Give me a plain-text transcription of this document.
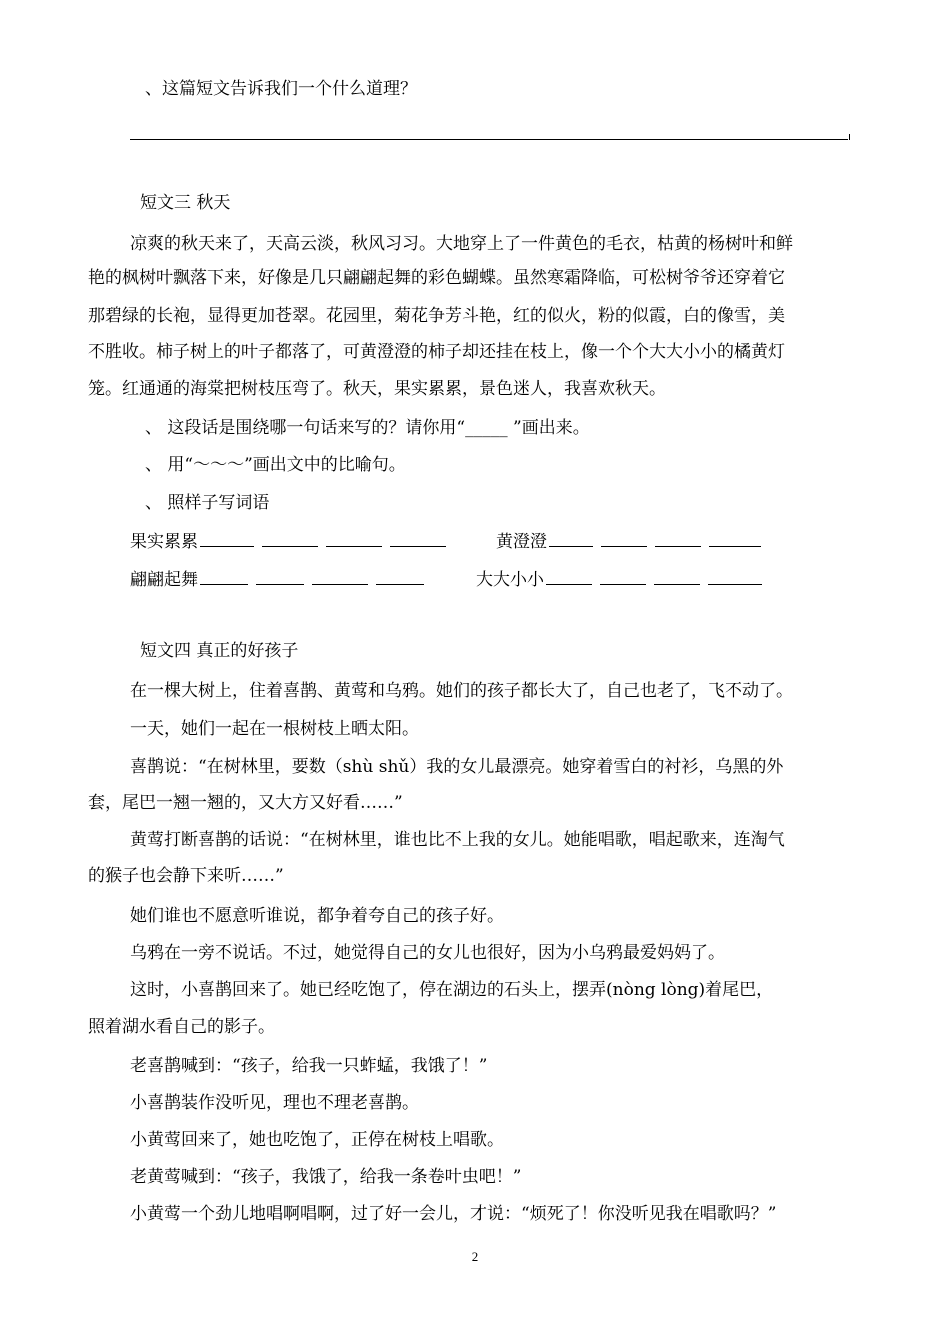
、这篇短文告诉我们一个什么道理？
短文三 秋天
凉爽的秋天来了，天高云淡，秋风习习。大地穿上了一件黄色的毛衣，枯黄的杨树叶和鲜
艳的枫树叶飘落下来，好像是几只翩翩起舞的彩色蝴蝶。虽然寒霜降临，可松树爷爷还穿着它
那碧绿的长袍，显得更加苍翠。花园里，菊花争芳斗艳，红的似火，粉的似霞，白的像雪，美
不胜收。柿子树上的叶子都落了，可黄澄澄的柿子却还挂在枝上，像一个个大大小小的橘黄灯
笼。红通通的海棠把树枝压弯了。秋天，果实累累，景色迷人，我喜欢秋天。
、 这段话是围绕哪一句话来写的？请你用“_____ ”画出来。
、 用“～～～”画出文中的比喻句。
、 照样子写词语
果实累累	黄澄澄
翩翩起舞	大大小小
短文四 真正的好孩子
在一棵大树上，住着喜鹊、黄莺和乌鸦。她们的孩子都长大了，自己也老了，飞不动了。
一天，她们一起在一根树枝上晒太阳。
喜鹊说：“在树林里，要数（shù shǔ）我的女儿最漂亮。她穿着雪白的衬衫，乌黑的外
套，尾巴一翘一翘的，又大方又好看……”
黄莺打断喜鹊的话说：“在树林里，谁也比不上我的女儿。她能唱歌，唱起歌来，连淘气
的猴子也会静下来听……”
她们谁也不愿意听谁说，都争着夸自己的孩子好。
乌鸦在一旁不说话。不过，她觉得自己的女儿也很好，因为小乌鸦最爱妈妈了。
这时，小喜鹊回来了。她已经吃饱了，停在湖边的石头上，摆弄(nòng lòng)着尾巴，
照着湖水看自己的影子。
老喜鹊喊到：“孩子，给我一只蚱蜢，我饿了！”
小喜鹊装作没听见，理也不理老喜鹊。
小黄莺回来了，她也吃饱了，正停在树枝上唱歌。
老黄莺喊到：“孩子，我饿了，给我一条卷叶虫吧！”
小黄莺一个劲儿地唱啊唱啊，过了好一会儿，才说：“烦死了！你没听见我在唱歌吗？”
2
